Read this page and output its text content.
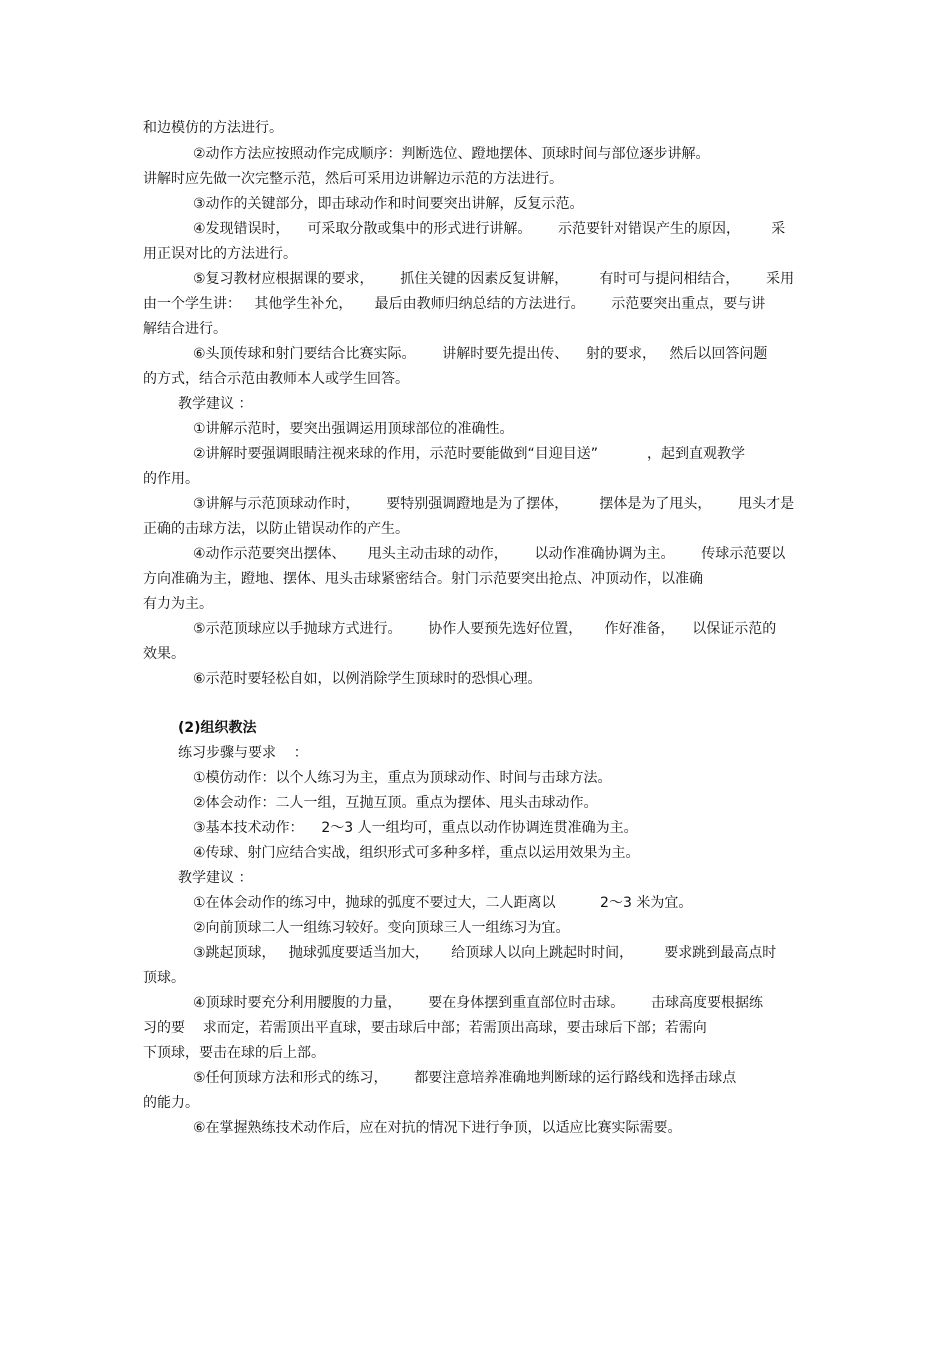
和边模仿的方法进行。
②动作方法应按照动作完成顺序：判断选位、蹬地摆体、顶球时间与部位逐步讲解。
讲解时应先做一次完整示范，然后可采用边讲解边示范的方法进行。
③动作的关键部分，即击球动作和时间要突出讲解，反复示范。
④发现错误时，    可采取分散或集中的形式进行讲解。      示范要针对错误产生的原因，       采
用正误对比的方法进行。
⑤复习教材应根据课的要求，      抓住关键的因素反复讲解，       有时可与提问相结合，      采用
由一个学生讲：   其他学生补允，     最后由教师归纳总结的方法进行。      示范要突出重点，要与讲
解结合进行。
⑥头顶传球和射门要结合比赛实际。      讲解时要先提出传、    射的要求，   然后以回答问题
的方式，结合示范由教师本人或学生回答。
教学建议 ：
①讲解示范时，要突出强调运用顶球部位的准确性。
②讲解时要强调眼睛注视来球的作用，示范时要能做到“目迎目送”           ，起到直观教学
的作用。
③讲解与示范顶球动作时，      要特别强调蹬地是为了摆体，       摆体是为了甩头，      甩头才是
正确的击球方法，以防止错误动作的产生。
④动作示范要突出摆体、     甩头主动击球的动作，      以动作准确协调为主。      传球示范要以
方向准确为主，蹬地、摆体、甩头击球紧密结合。射门示范要突出抢点、冲顶动作，以准确
有力为主。
⑤示范顶球应以手抛球方式进行。      协作人要预先选好位置，     作好准备，    以保证示范的
效果。
⑥示范时要轻松自如，以例消除学生顶球时的恐惧心理。
(2)组织教法
练习步骤与要求    ：
①模仿动作：以个人练习为主，重点为顶球动作、时间与击球方法。
②体会动作：二人一组，互抛互顶。重点为摆体、甩头击球动作。
③基本技术动作：    2～3 人一组均可，重点以动作协调连贯准确为主。
④传球、射门应结合实战，组织形式可多种多样，重点以运用效果为主。
教学建议 ：
①在体会动作的练习中，抛球的弧度不要过大，二人距离以          2～3 米为宜。
②向前顶球二人一组练习较好。变向顶球三人一组练习为宜。
③跳起顶球，   抛球弧度要适当加大，     给顶球人以向上跳起时时间，       要求跳到最高点时
顶球。
④顶球时要充分利用腰腹的力量，      要在身体摆到重直部位时击球。      击球高度要根据练
习的要    求而定，若需顶出平直球，要击球后中部；若需顶出高球，要击球后下部；若需向
下顶球，要击在球的后上部。
⑤任何顶球方法和形式的练习，      都要注意培养准确地判断球的运行路线和选择击球点
的能力。
⑥在掌握熟练技术动作后，应在对抗的情况下进行争顶，以适应比赛实际需要。
